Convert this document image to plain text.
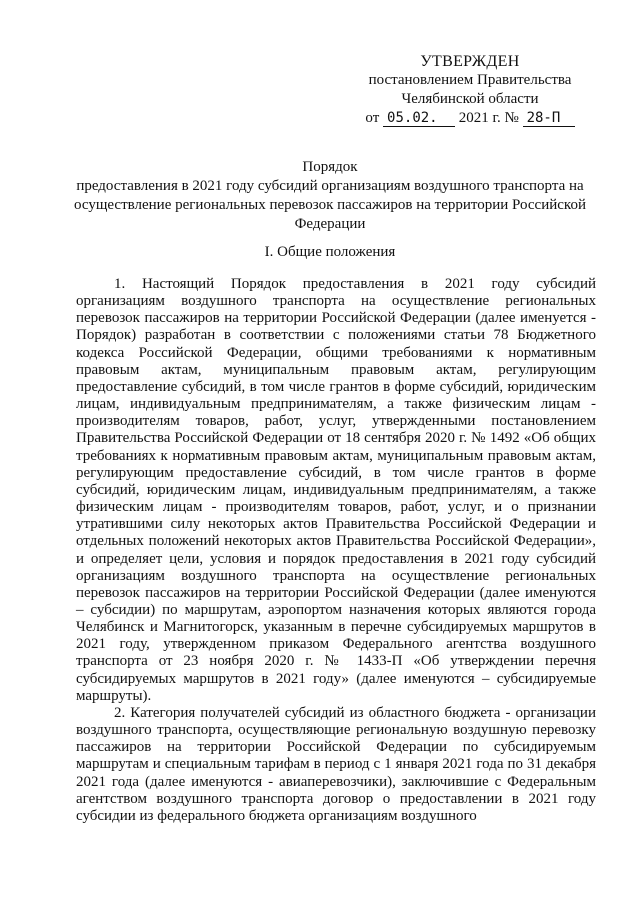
УТВЕРЖДЕН
постановлением Правительства
Челябинской области
от 05.02. 2021 г. № 28-П
Порядок
предоставления в 2021 году субсидий организациям воздушного транспорта на осуществление региональных перевозок пассажиров на территории Российской Федерации
I. Общие положения

1. Настоящий Порядок предоставления в 2021 году субсидий организациям воздушного транспорта на осуществление региональных перевозок пассажиров на территории Российской Федерации (далее именуется - Порядок) разработан в соответствии с положениями статьи 78 Бюджетного кодекса Российской Федерации, общими требованиями к нормативным правовым актам, муниципальным правовым актам, регулирующим предоставление субсидий, в том числе грантов в форме субсидий, юридическим лицам, индивидуальным предпринимателям, а также физическим лицам - производителям товаров, работ, услуг, утвержденными постановлением Правительства Российской Федерации от 18 сентября 2020 г. № 1492 «Об общих требованиях к нормативным правовым актам, муниципальным правовым актам, регулирующим предоставление субсидий, в том числе грантов в форме субсидий, юридическим лицам, индивидуальным предпринимателям, а также физическим лицам - производителям товаров, работ, услуг, и о признании утратившими силу некоторых актов Правительства Российской Федерации и отдельных положений некоторых актов Правительства Российской Федерации», и определяет цели, условия и порядок предоставления в 2021 году субсидий организациям воздушного транспорта на осуществление региональных перевозок пассажиров на территории Российской Федерации (далее именуются – субсидии) по маршрутам, аэропортом назначения которых являются города Челябинск и Магнитогорск, указанным в перечне субсидируемых маршрутов в 2021 году, утвержденном приказом Федерального агентства воздушного транспорта от 23 ноября 2020 г. № 1433-П «Об утверждении перечня субсидируемых маршрутов в 2021 году» (далее именуются – субсидируемые маршруты).

2. Категория получателей субсидий из областного бюджета - организации воздушного транспорта, осуществляющие региональную воздушную перевозку пассажиров на территории Российской Федерации по субсидируемым маршрутам и специальным тарифам в период с 1 января 2021 года по 31 декабря 2021 года (далее именуются - авиаперевозчики), заключившие с Федеральным агентством воздушного транспорта договор о предоставлении в 2021 году субсидии из федерального бюджета организациям воздушного
